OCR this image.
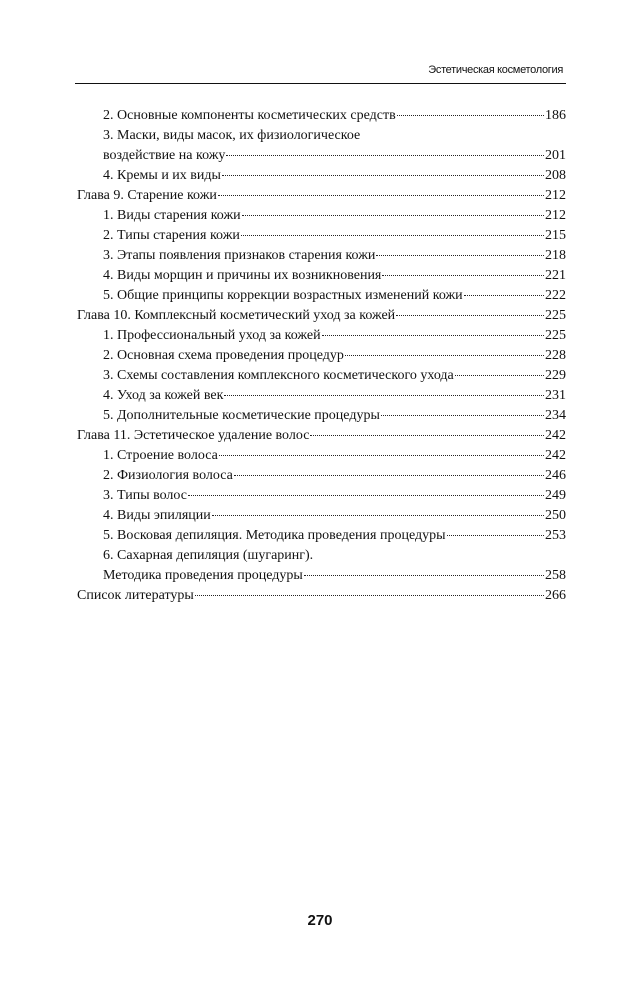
Эстетическая косметология
2. Основные компоненты косметических средств	186
3. Маски, виды масок, их физиологическое
воздействие на кожу	201
4. Кремы и их виды	208
Глава 9. Старение кожи	212
1. Виды старения кожи	212
2. Типы старения кожи	215
3. Этапы появления признаков старения кожи	218
4. Виды морщин и причины их возникновения	221
5. Общие принципы коррекции возрастных изменений кожи	222
Глава 10. Комплексный косметический уход за кожей	225
1. Профессиональный уход за кожей	225
2. Основная схема проведения процедур	228
3. Схемы составления комплексного косметического ухода	229
4. Уход за кожей век	231
5. Дополнительные косметические процедуры	234
Глава 11. Эстетическое удаление волос	242
1. Строение волоса	242
2. Физиология волоса	246
3. Типы волос	249
4. Виды эпиляции	250
5. Восковая депиляция. Методика проведения процедуры	253
6. Сахарная депиляция (шугаринг).
Методика проведения процедуры	258
Список литературы	266
270
